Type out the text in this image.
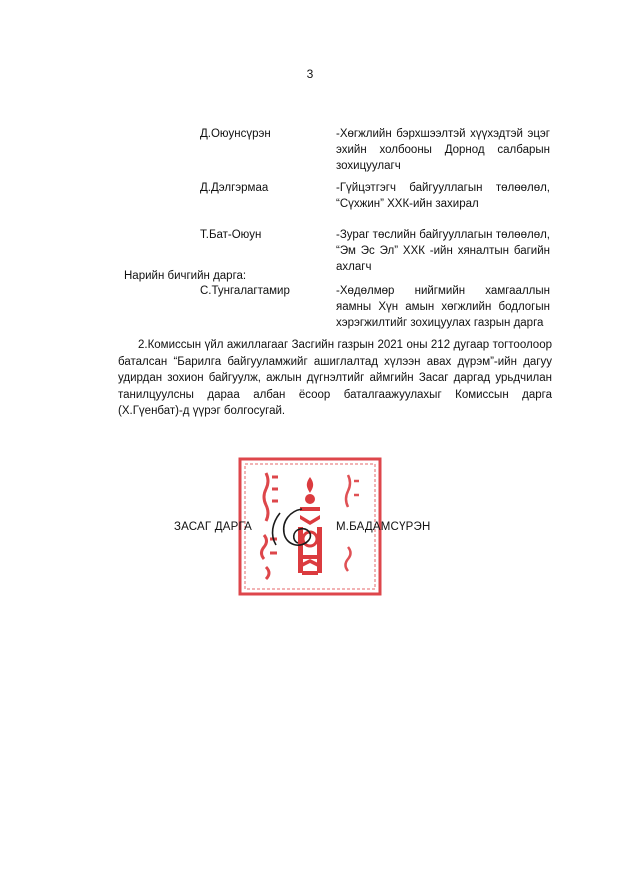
3
Д.Оюунсүрэн	-Хөгжлийн бэрхшээлтэй хүүхэдтэй эцэг эхийн холбооны Дорнод салбарын зохицуулагч
Д.Дэлгэрмаа	-Гүйцэтгэгч байгууллагын төлөөлөл, “Сүхжин” ХХК-ийн захирал
Т.Бат-Оюун	-Зураг төслийн байгууллагын төлөөлөл, “Эм Эс Эл” ХХК -ийн хяналтын багийн ахлагч
Нарийн бичгийн дарга:
С.Тунгалагтамир	-Хөдөлмөр нийгмийн хамгааллын яамны Хүн амын хөгжлийн бодлогын хэрэгжилтийг зохицуулах газрын дарга
2.Комиссын үйл ажиллагааг Засгийн газрын 2021 оны 212 дугаар тогтоолоор баталсан “Барилга байгууламжийг ашиглалтад хүлээн авах дүрэм”-ийн дагуу удирдан зохион байгуулж, ажлын дүгнэлтийг аймгийн Засаг даргад урьдчилан танилцуулсны дараа албан ёсоор баталгаажуулахыг Комиссын дарга (Х.Гүенбат)-д үүрэг болгосугай.
ЗАСАГ ДАРГА	М.БАДАМСҮРЭН
